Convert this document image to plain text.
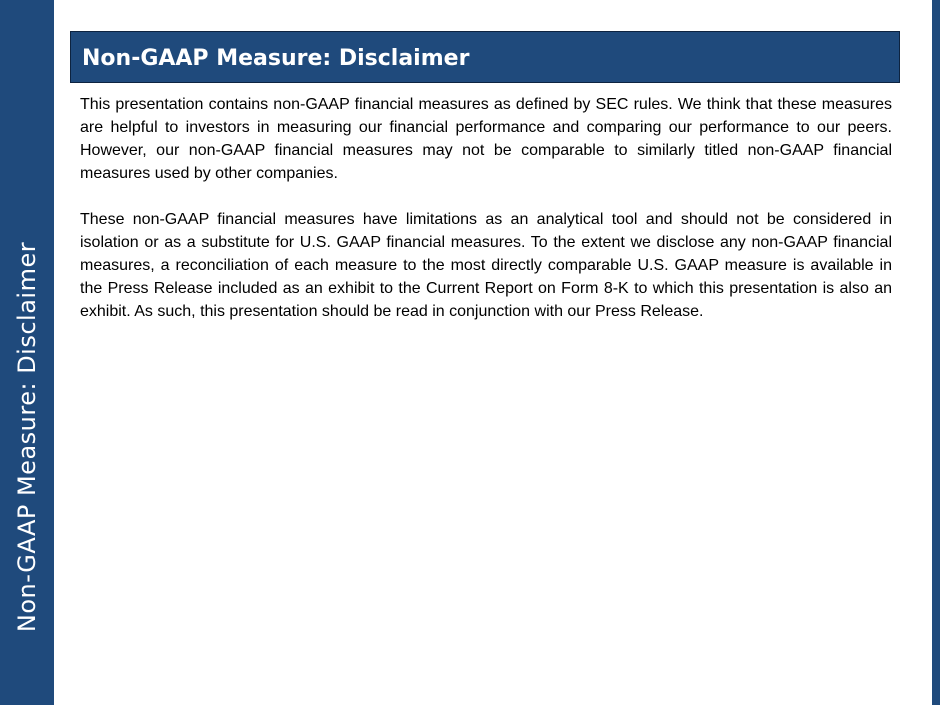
Non-GAAP Measure: Disclaimer
Non-GAAP Measure: Disclaimer

This presentation contains non-GAAP financial measures as defined by SEC rules. We think that these measures are helpful to investors in measuring our financial performance and comparing our performance to our peers. However, our non-GAAP financial measures may not be comparable to similarly titled non-GAAP financial measures used by other companies.

These non-GAAP financial measures have limitations as an analytical tool and should not be considered in isolation or as a substitute for U.S. GAAP financial measures. To the extent we disclose any non-GAAP financial measures, a reconciliation of each measure to the most directly comparable U.S. GAAP measure is available in the Press Release included as an exhibit to the Current Report on Form 8-K to which this presentation is also an exhibit. As such, this presentation should be read in conjunction with our Press Release.
